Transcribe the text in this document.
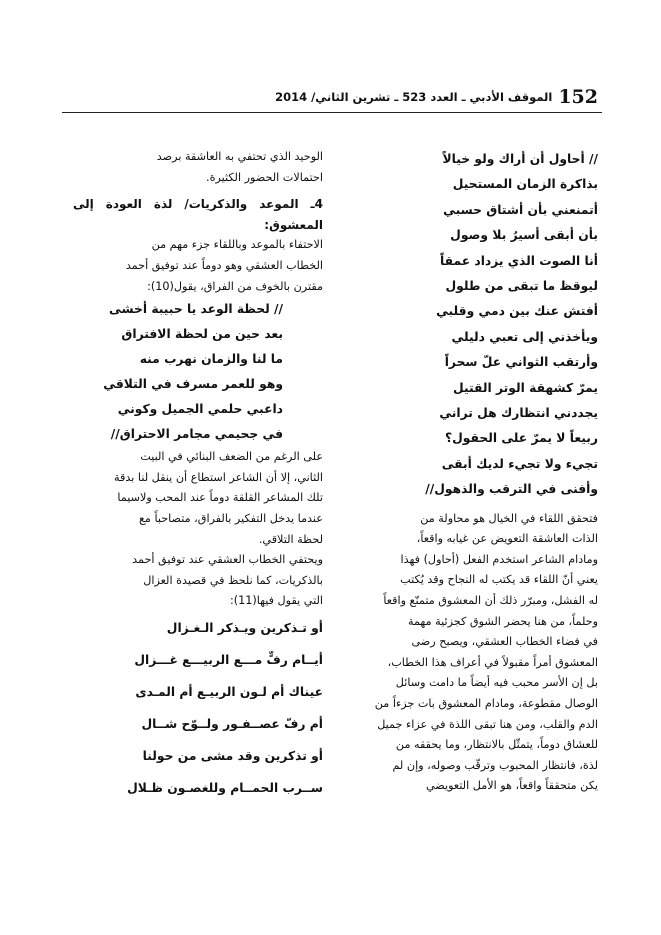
152
الموقف الأدبي ـ العدد 523 ـ تشرين الثاني/ 2014

// أحاول أن أراك ولو خيالاً

بذاكرة الزمان المستحيل

أتمنعني بأن أشتاق حسبي

بأن أبقى أسيرُ بلا وصول

أنا الصوت الذي يزداد عمقاً

ليوقظ ما تبقى من طلول

أفتش عنك بين دمي وقلبي

ويأخذني إلى تعبي دليلي

وأرتقب الثواني علّ سحراً

يمرّ كشهقة الوتر القتيل

يجددني انتظارك هل تراني

ربيعاً لا يمرّ على الحقول؟

تجيء ولا تجيء لديك أبقى

وأفنى في الترقب والذهول//

فتحقق اللقاء في الخيال هو محاولة من

الذات العاشقة التعويض عن غيابه واقعاً،

ومادام الشاعر استخدم الفعل (أحاول) فهذا

يعني أنّ اللقاء قد يكتب له النجاح وقد يُكتب

له الفشل، ومبرّر ذلك أن المعشوق متمنّع واقعاً

وحلماً، من هنا يحضر الشوق كجزئية مهمة

في فضاء الخطاب العشقي، ويصبح رضى

المعشوق أمراً مقبولاً في أعراف هذا الخطاب،

بل إن الأسر محبب فيه أيضاً ما دامت وسائل

الوصال مقطوعة، ومادام المعشوق بات جزءاً من

الدم والقلب، ومن هنا تبقى اللذة في عزاء جميل

للعشاق دوماً، يتمثّل بالانتظار، وما يحققه من

لذة، فانتظار المحبوب وترقّب وصوله، وإن لم

يكن متحققاً واقعاً، هو الأمل التعويضي

الوحيد الذي تحتفي به العاشقة برصد

احتمالات الحضور الكثيرة.

4ـ الموعد والذكريات/ لذة العودة إلى المعشوق:

الاحتفاء بالموعد وباللقاء جزء مهم من

الخطاب العشقي وهو دوماً عند توفيق أحمد

مقترن بالخوف من الفراق، يقول(10):

// لحظة الوعد يا حبيبة أخشى

بعد حين من لحظة الافتراق

ما لنا والزمان نهرب منه

وهو للعمر مسرف في التلاقي

داعبي حلمي الجميل وكوني

في جحيمي مجامر الاحتراق//

على الرغم من الضعف البنائي في البيت

الثاني، إلا أن الشاعر استطاع أن ينقل لنا بدقة

تلك المشاعر القلقة دوماً عند المحب ولاسيما

عندما يدخل التفكير بالفراق، متصاحباً مع

لحظة التلاقي.

ويحتفي الخطاب العشقي عند توفيق أحمد

بالذكريات، كما نلحظ في قصيدة العزال

التي يقول فيها(11):

أو تـذكرين ويـذكر الـغـزال

أيــام رفٍّ مـــع الربيـــع غـــزال

عيناك أم لـون الربيـع أم المـدى

أم رفّ عصــفـور ولــوّح شــال

أو تذكرين وقد مشى من حولنا

ســرب الحمــام وللغصـون ظـلال
